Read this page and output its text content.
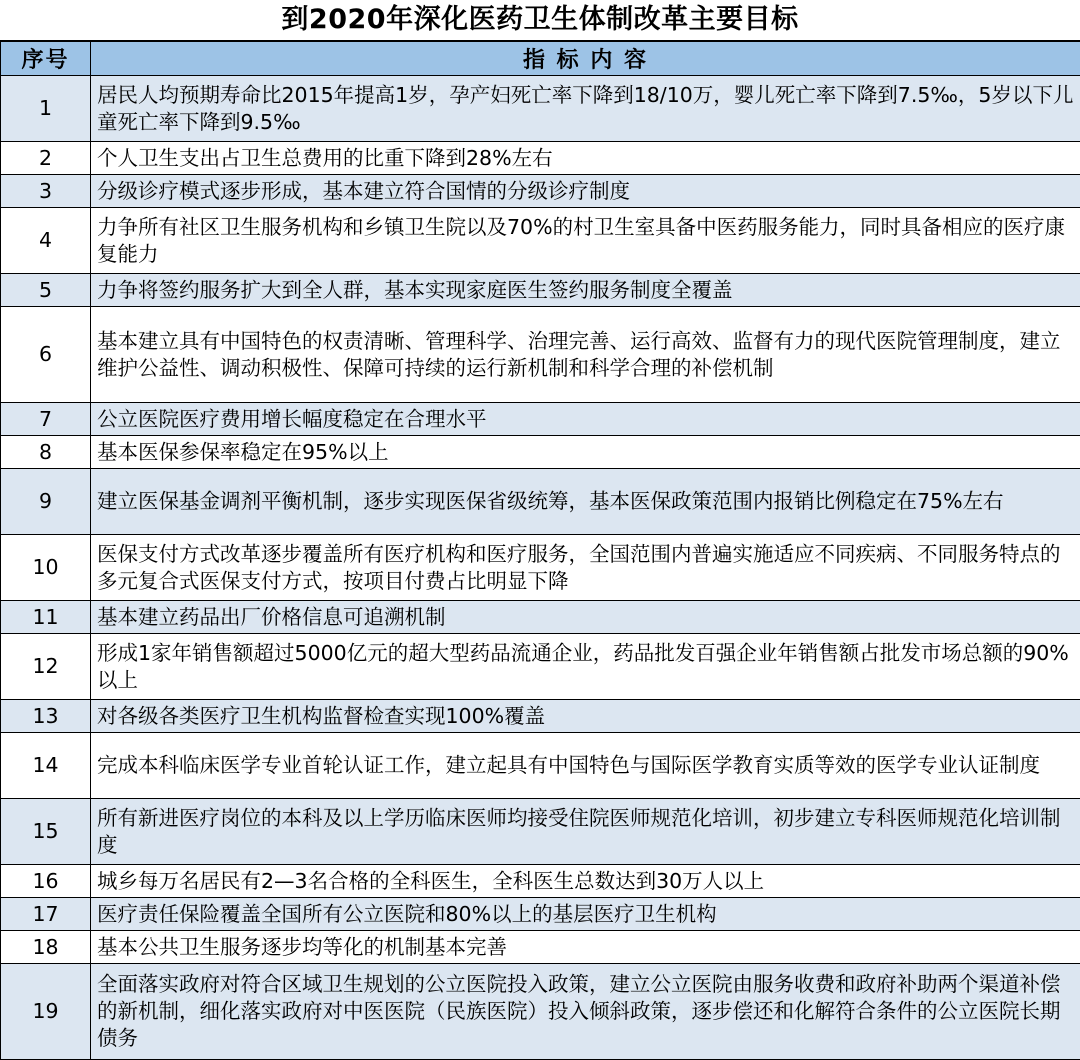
到2020年深化医药卫生体制改革主要目标
序号	指 标 内 容
1	居民人均预期寿命比2015年提高1岁，孕产妇死亡率下降到18/10万，婴儿死亡率下降到7.5‰，5岁以下儿童死亡率下降到9.5‰
2	个人卫生支出占卫生总费用的比重下降到28%左右
3	分级诊疗模式逐步形成，基本建立符合国情的分级诊疗制度
4	力争所有社区卫生服务机构和乡镇卫生院以及70%的村卫生室具备中医药服务能力，同时具备相应的医疗康复能力
5	力争将签约服务扩大到全人群，基本实现家庭医生签约服务制度全覆盖
6	基本建立具有中国特色的权责清晰、管理科学、治理完善、运行高效、监督有力的现代医院管理制度，建立维护公益性、调动积极性、保障可持续的运行新机制和科学合理的补偿机制
7	公立医院医疗费用增长幅度稳定在合理水平
8	基本医保参保率稳定在95%以上
9	建立医保基金调剂平衡机制，逐步实现医保省级统筹，基本医保政策范围内报销比例稳定在75%左右
10	医保支付方式改革逐步覆盖所有医疗机构和医疗服务，全国范围内普遍实施适应不同疾病、不同服务特点的多元复合式医保支付方式，按项目付费占比明显下降
11	基本建立药品出厂价格信息可追溯机制
12	形成1家年销售额超过5000亿元的超大型药品流通企业，药品批发百强企业年销售额占批发市场总额的90%以上
13	对各级各类医疗卫生机构监督检查实现100%覆盖
14	完成本科临床医学专业首轮认证工作，建立起具有中国特色与国际医学教育实质等效的医学专业认证制度
15	所有新进医疗岗位的本科及以上学历临床医师均接受住院医师规范化培训，初步建立专科医师规范化培训制度
16	城乡每万名居民有2—3名合格的全科医生，全科医生总数达到30万人以上
17	医疗责任保险覆盖全国所有公立医院和80%以上的基层医疗卫生机构
18	基本公共卫生服务逐步均等化的机制基本完善
19	全面落实政府对符合区域卫生规划的公立医院投入政策，建立公立医院由服务收费和政府补助两个渠道补偿的新机制，细化落实政府对中医医院（民族医院）投入倾斜政策，逐步偿还和化解符合条件的公立医院长期债务
